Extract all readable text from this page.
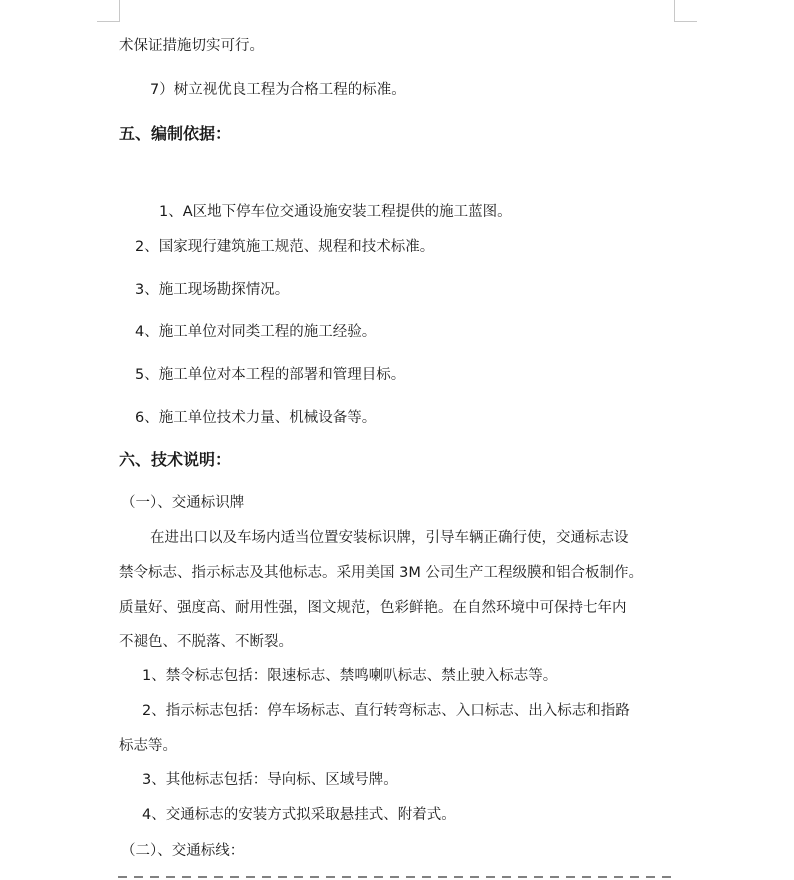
术保证措施切实可行。
7）树立视优良工程为合格工程的标准。
五、编制依据：
1、A区地下停车位交通设施安装工程提供的施工蓝图。
2、国家现行建筑施工规范、规程和技术标准。
3、施工现场勘探情况。
4、施工单位对同类工程的施工经验。
5、施工单位对本工程的部署和管理目标。
6、施工单位技术力量、机械设备等。
六、技术说明：
（一）、交通标识牌
在进出口以及车场内适当位置安装标识牌，引导车辆正确行使，交通标志设
禁令标志、指示标志及其他标志。采用美国 3M 公司生产工程级膜和铝合板制作。
质量好、强度高、耐用性强，图文规范，色彩鲜艳。在自然环境中可保持七年内
不褪色、不脱落、不断裂。
1、禁令标志包括：限速标志、禁鸣喇叭标志、禁止驶入标志等。
2、指示标志包括：停车场标志、直行转弯标志、入口标志、出入标志和指路
标志等。
3、其他标志包括：导向标、区域号牌。
4、交通标志的安装方式拟采取悬挂式、附着式。
（二）、交通标线：
